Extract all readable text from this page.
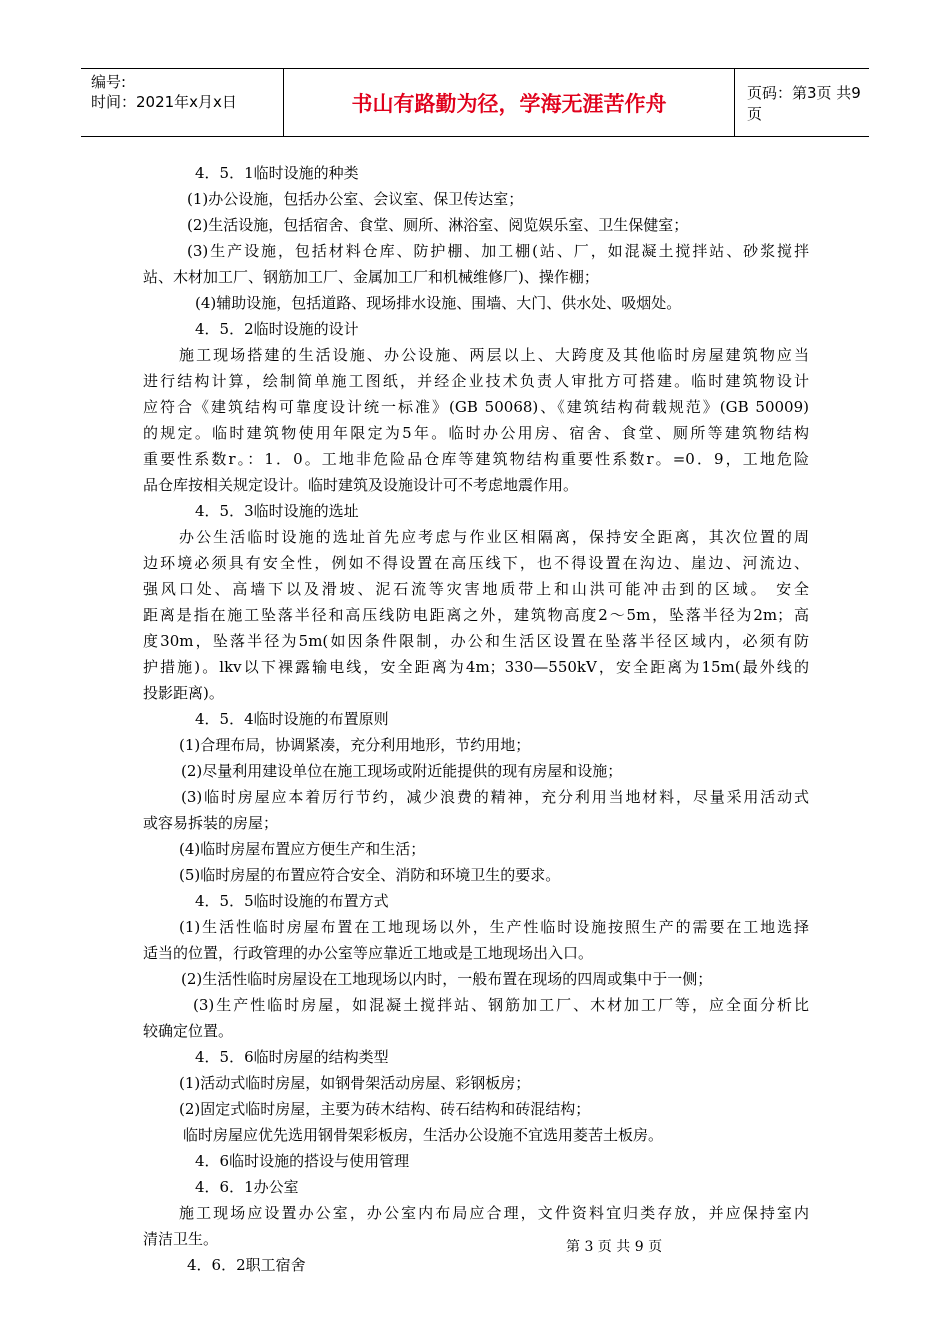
编号:
时间：2021年x月x日	书山有路勤为径，学海无涯苦作舟	页码：第3页 共9页
4．5．1临时设施的种类
(1)办公设施，包括办公室、会议室、保卫传达室；
(2)生活设施，包括宿舍、食堂、厕所、淋浴室、阅览娱乐室、卫生保健室；
(3)生产设施，包括材料仓库、防护棚、加工棚(站、厂，如混凝土搅拌站、砂浆搅拌
站、木材加工厂、钢筋加工厂、金属加工厂和机械维修厂)、操作棚；
(4)辅助设施，包括道路、现场排水设施、围墙、大门、供水处、吸烟处。
4．5．2临时设施的设计
施工现场搭建的生活设施、办公设施、两层以上、大跨度及其他临时房屋建筑物应当
进行结构计算，绘制简单施工图纸，并经企业技术负责人审批方可搭建。临时建筑物设计
应符合《建筑结构可靠度设计统一标准》(GB 50068)、《建筑结构荷载规范》(GB 50009)
的规定。临时建筑物使用年限定为5年。临时办公用房、宿舍、食堂、厕所等建筑物结构
重要性系数r。：1．0。工地非危险品仓库等建筑物结构重要性系数r。=0．9，工地危险
品仓库按相关规定设计。临时建筑及设施设计可不考虑地震作用。
4．5．3临时设施的选址
办公生活临时设施的选址首先应考虑与作业区相隔离，保持安全距离，其次位置的周
边环境必须具有安全性，例如不得设置在高压线下，也不得设置在沟边、崖边、河流边、
强风口处、高墙下以及滑坡、泥石流等灾害地质带上和山洪可能冲击到的区域。 安全
距离是指在施工坠落半径和高压线防电距离之外，建筑物高度2～5m，坠落半径为2m；高
度30m，坠落半径为5m(如因条件限制，办公和生活区设置在坠落半径区域内，必须有防
护措施)。lkv以下裸露输电线，安全距离为4m；330—550kV，安全距离为15m(最外线的
投影距离)。
4．5．4临时设施的布置原则
(1)合理布局，协调紧凑，充分利用地形，节约用地；
(2)尽量利用建设单位在施工现场或附近能提供的现有房屋和设施；
(3)临时房屋应本着厉行节约，减少浪费的精神，充分利用当地材料，尽量采用活动式
或容易拆装的房屋；
(4)临时房屋布置应方便生产和生活；
(5)临时房屋的布置应符合安全、消防和环境卫生的要求。
4．5．5临时设施的布置方式
(1)生活性临时房屋布置在工地现场以外，生产性临时设施按照生产的需要在工地选择
适当的位置，行政管理的办公室等应靠近工地或是工地现场出入口。
(2)生活性临时房屋设在工地现场以内时，一般布置在现场的四周或集中于一侧；
(3)生产性临时房屋，如混凝土搅拌站、钢筋加工厂、木材加工厂等，应全面分析比
较确定位置。
4．5．6临时房屋的结构类型
(1)活动式临时房屋，如钢骨架活动房屋、彩钢板房；
(2)固定式临时房屋，主要为砖木结构、砖石结构和砖混结构；
临时房屋应优先选用钢骨架彩板房，生活办公设施不宜选用菱苦土板房。
4．6临时设施的搭设与使用管理
4．6．1办公室
施工现场应设置办公室，办公室内布局应合理，文件资料宜归类存放，并应保持室内
清洁卫生。
4．6．2职工宿舍
第 3 页 共 9 页
